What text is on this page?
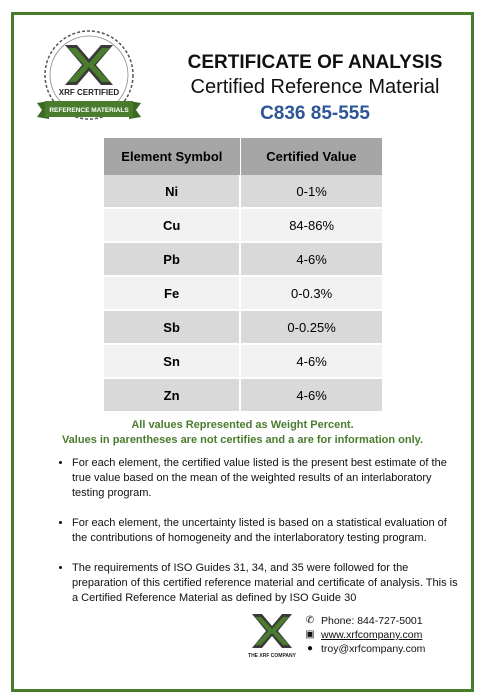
XRF CERTIFIED
REFERENCE MATERIALS
CERTIFICATE OF ANALYSIS
Certified Reference Material
C836 85-555
Element Symbol	Certified Value
Ni	0-1%
Cu	84-86%
Pb	4-6%
Fe	0-0.3%
Sb	0-0.25%
Sn	4-6%
Zn	4-6%
All values Represented as Weight Percent.
Values in parentheses are not certifies and a are for information only.
• For each element, the certified value listed is the present best estimate of the true value based on the mean of the weighted results of an interlaboratory testing program.
• For each element, the uncertainty listed is based on a statistical evaluation of the contributions of homogeneity and the interlaboratory testing program.
• The requirements of ISO Guides 31, 34, and 35 were followed for the preparation of this certified reference material and certificate of analysis. This is a Certified Reference Material as defined by ISO Guide 30
THE XRF COMPANY
✆ Phone: 844-727-5001
▣ www.xrfcompany.com
● troy@xrfcompany.com
